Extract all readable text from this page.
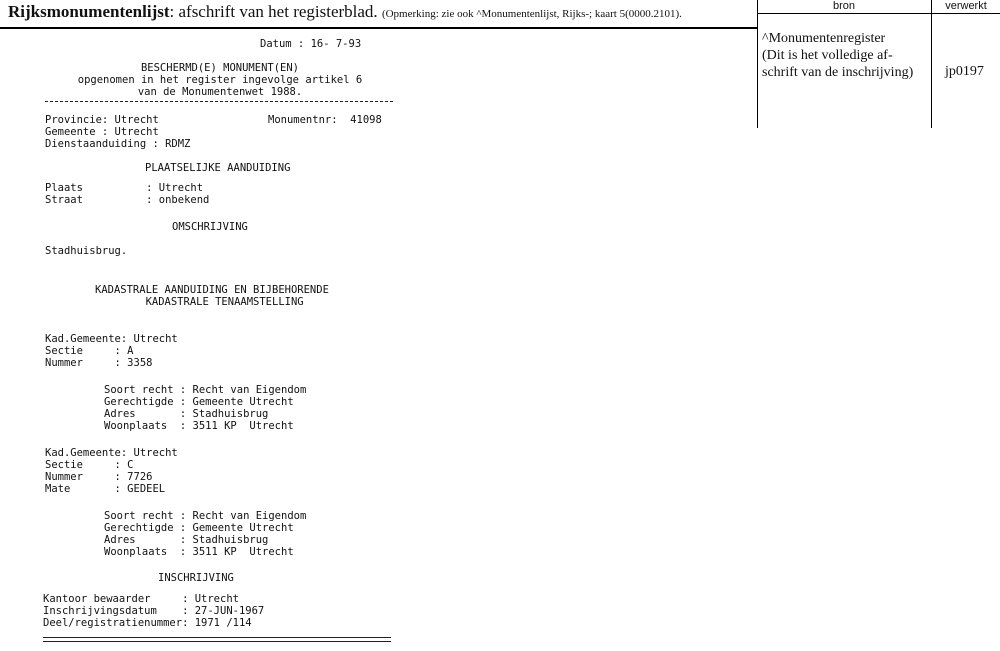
Rijksmonumentenlijst: afschrift van het registerblad. (Opmerking: zie ook ^Monumentenlijst, Rijks-; kaart 5(0000.2101).
bron	verwerkt
^Monumentenregister
(Dit is het volledige af-
schrift van de inschrijving) jp0197
Datum : 16- 7-93
BESCHERMD(E) MONUMENT(EN)
opgenomen in het register ingevolge artikel 6
van de Monumentenwet 1988.
Provincie: Utrecht	Monumentnr:  41098
Gemeente : Utrecht
Dienstaanduiding : RDMZ
PLAATSELIJKE AANDUIDING
Plaats          : Utrecht
Straat          : onbekend
OMSCHRIJVING
Stadhuisbrug.
KADASTRALE AANDUIDING EN BIJBEHORENDE
KADASTRALE TENAAMSTELLING
Kad.Gemeente: Utrecht
Sectie     : A
Nummer     : 3358
Soort recht : Recht van Eigendom
Gerechtigde : Gemeente Utrecht
Adres       : Stadhuisbrug
Woonplaats  : 3511 KP  Utrecht
Kad.Gemeente: Utrecht
Sectie     : C
Nummer     : 7726
Mate       : GEDEEL
Soort recht : Recht van Eigendom
Gerechtigde : Gemeente Utrecht
Adres       : Stadhuisbrug
Woonplaats  : 3511 KP  Utrecht
INSCHRIJVING
Kantoor bewaarder     : Utrecht
Inschrijvingsdatum    : 27-JUN-1967
Deel/registratienummer: 1971 /114
